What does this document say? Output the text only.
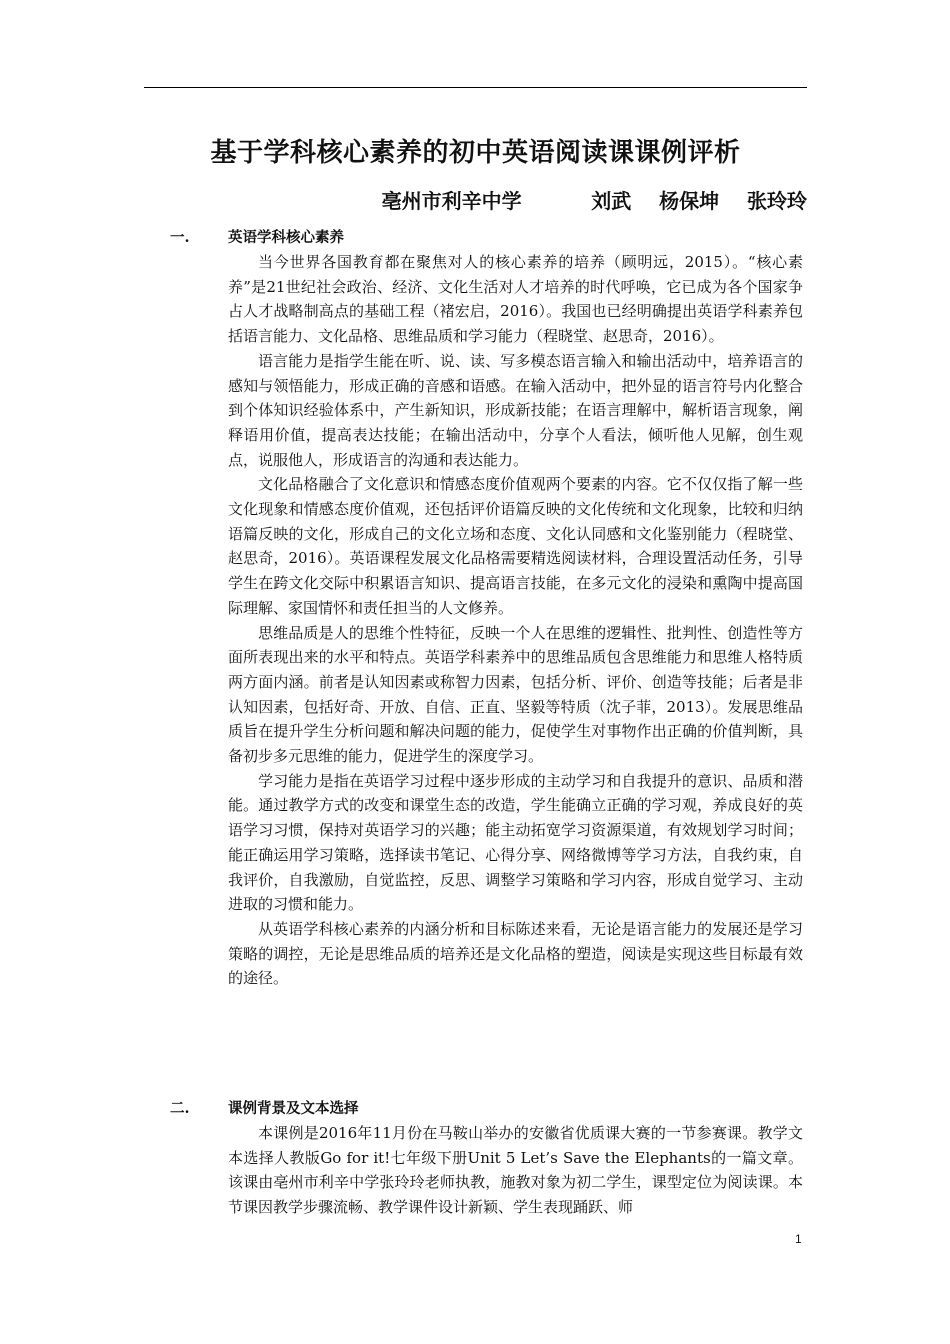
基于学科核心素养的初中英语阅读课课例评析
亳州市利辛中学          刘武    杨保坤    张玲玲
一.	英语学科核心素养

当今世界各国教育都在聚焦对人的核心素养的培养（顾明远，2015）。“核心素养”是21世纪社会政治、经济、文化生活对人才培养的时代呼唤，它已成为各个国家争占人才战略制高点的基础工程（褚宏启，2016）。我国也已经明确提出英语学科素养包括语言能力、文化品格、思维品质和学习能力（程晓堂、赵思奇，2016）。

语言能力是指学生能在听、说、读、写多模态语言输入和输出活动中，培养语言的感知与领悟能力，形成正确的音感和语感。在输入活动中，把外显的语言符号内化整合到个体知识经验体系中，产生新知识，形成新技能；在语言理解中，解析语言现象，阐释语用价值，提高表达技能；在输出活动中，分享个人看法，倾听他人见解，创生观点，说服他人，形成语言的沟通和表达能力。

文化品格融合了文化意识和情感态度价值观两个要素的内容。它不仅仅指了解一些文化现象和情感态度价值观，还包括评价语篇反映的文化传统和文化现象，比较和归纳语篇反映的文化，形成自己的文化立场和态度、文化认同感和文化鉴别能力（程晓堂、赵思奇，2016）。英语课程发展文化品格需要精选阅读材料，合理设置活动任务，引导学生在跨文化交际中积累语言知识、提高语言技能，在多元文化的浸染和熏陶中提高国际理解、家国情怀和责任担当的人文修养。

思维品质是人的思维个性特征，反映一个人在思维的逻辑性、批判性、创造性等方面所表现出来的水平和特点。英语学科素养中的思维品质包含思维能力和思维人格特质两方面内涵。前者是认知因素或称智力因素，包括分析、评价、创造等技能；后者是非认知因素，包括好奇、开放、自信、正直、坚毅等特质（沈子菲，2013）。发展思维品质旨在提升学生分析问题和解决问题的能力，促使学生对事物作出正确的价值判断，具备初步多元思维的能力，促进学生的深度学习。

学习能力是指在英语学习过程中逐步形成的主动学习和自我提升的意识、品质和潜能。通过教学方式的改变和课堂生态的改造，学生能确立正确的学习观，养成良好的英语学习习惯，保持对英语学习的兴趣；能主动拓宽学习资源渠道，有效规划学习时间；能正确运用学习策略，选择读书笔记、心得分享、网络微博等学习方法，自我约束，自我评价，自我激励，自觉监控，反思、调整学习策略和学习内容，形成自觉学习、主动进取的习惯和能力。

从英语学科核心素养的内涵分析和目标陈述来看，无论是语言能力的发展还是学习策略的调控，无论是思维品质的培养还是文化品格的塑造，阅读是实现这些目标最有效的途径。

二.	课例背景及文本选择

本课例是2016年11月份在马鞍山举办的安徽省优质课大赛的一节参赛课。教学文本选择人教版Go for it!七年级下册Unit 5 Let’s Save the Elephants的一篇文章。该课由亳州市利辛中学张玲玲老师执教，施教对象为初二学生，课型定位为阅读课。本节课因教学步骤流畅、教学课件设计新颖、学生表现踊跃、师

1
